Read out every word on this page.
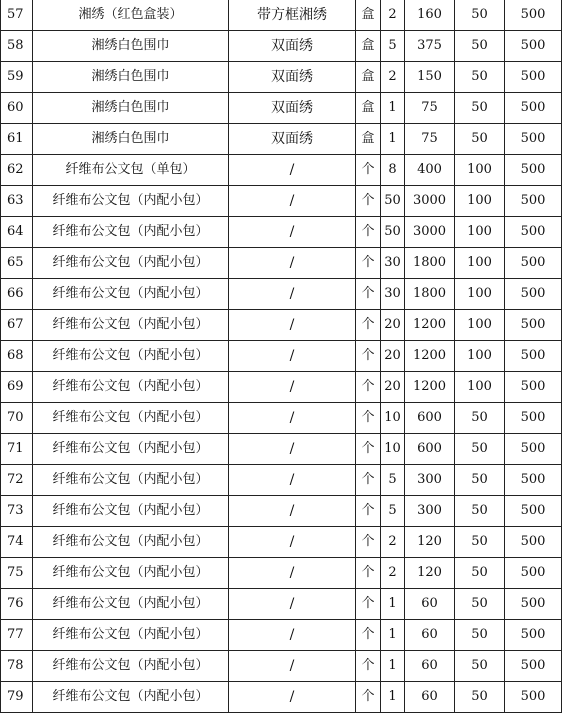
57	湘绣（红色盒装）	带方框湘绣	盒	2	160	50	500
58	湘绣白色围巾	双面绣	盒	5	375	50	500
59	湘绣白色围巾	双面绣	盒	2	150	50	500
60	湘绣白色围巾	双面绣	盒	1	75	50	500
61	湘绣白色围巾	双面绣	盒	1	75	50	500
62	纤维布公文包（单包）	/	个	8	400	100	500
63	纤维布公文包（内配小包）	/	个	50	3000	100	500
64	纤维布公文包（内配小包）	/	个	50	3000	100	500
65	纤维布公文包（内配小包）	/	个	30	1800	100	500
66	纤维布公文包（内配小包）	/	个	30	1800	100	500
67	纤维布公文包（内配小包）	/	个	20	1200	100	500
68	纤维布公文包（内配小包）	/	个	20	1200	100	500
69	纤维布公文包（内配小包）	/	个	20	1200	100	500
70	纤维布公文包（内配小包）	/	个	10	600	50	500
71	纤维布公文包（内配小包）	/	个	10	600	50	500
72	纤维布公文包（内配小包）	/	个	5	300	50	500
73	纤维布公文包（内配小包）	/	个	5	300	50	500
74	纤维布公文包（内配小包）	/	个	2	120	50	500
75	纤维布公文包（内配小包）	/	个	2	120	50	500
76	纤维布公文包（内配小包）	/	个	1	60	50	500
77	纤维布公文包（内配小包）	/	个	1	60	50	500
78	纤维布公文包（内配小包）	/	个	1	60	50	500
79	纤维布公文包（内配小包）	/	个	1	60	50	500
